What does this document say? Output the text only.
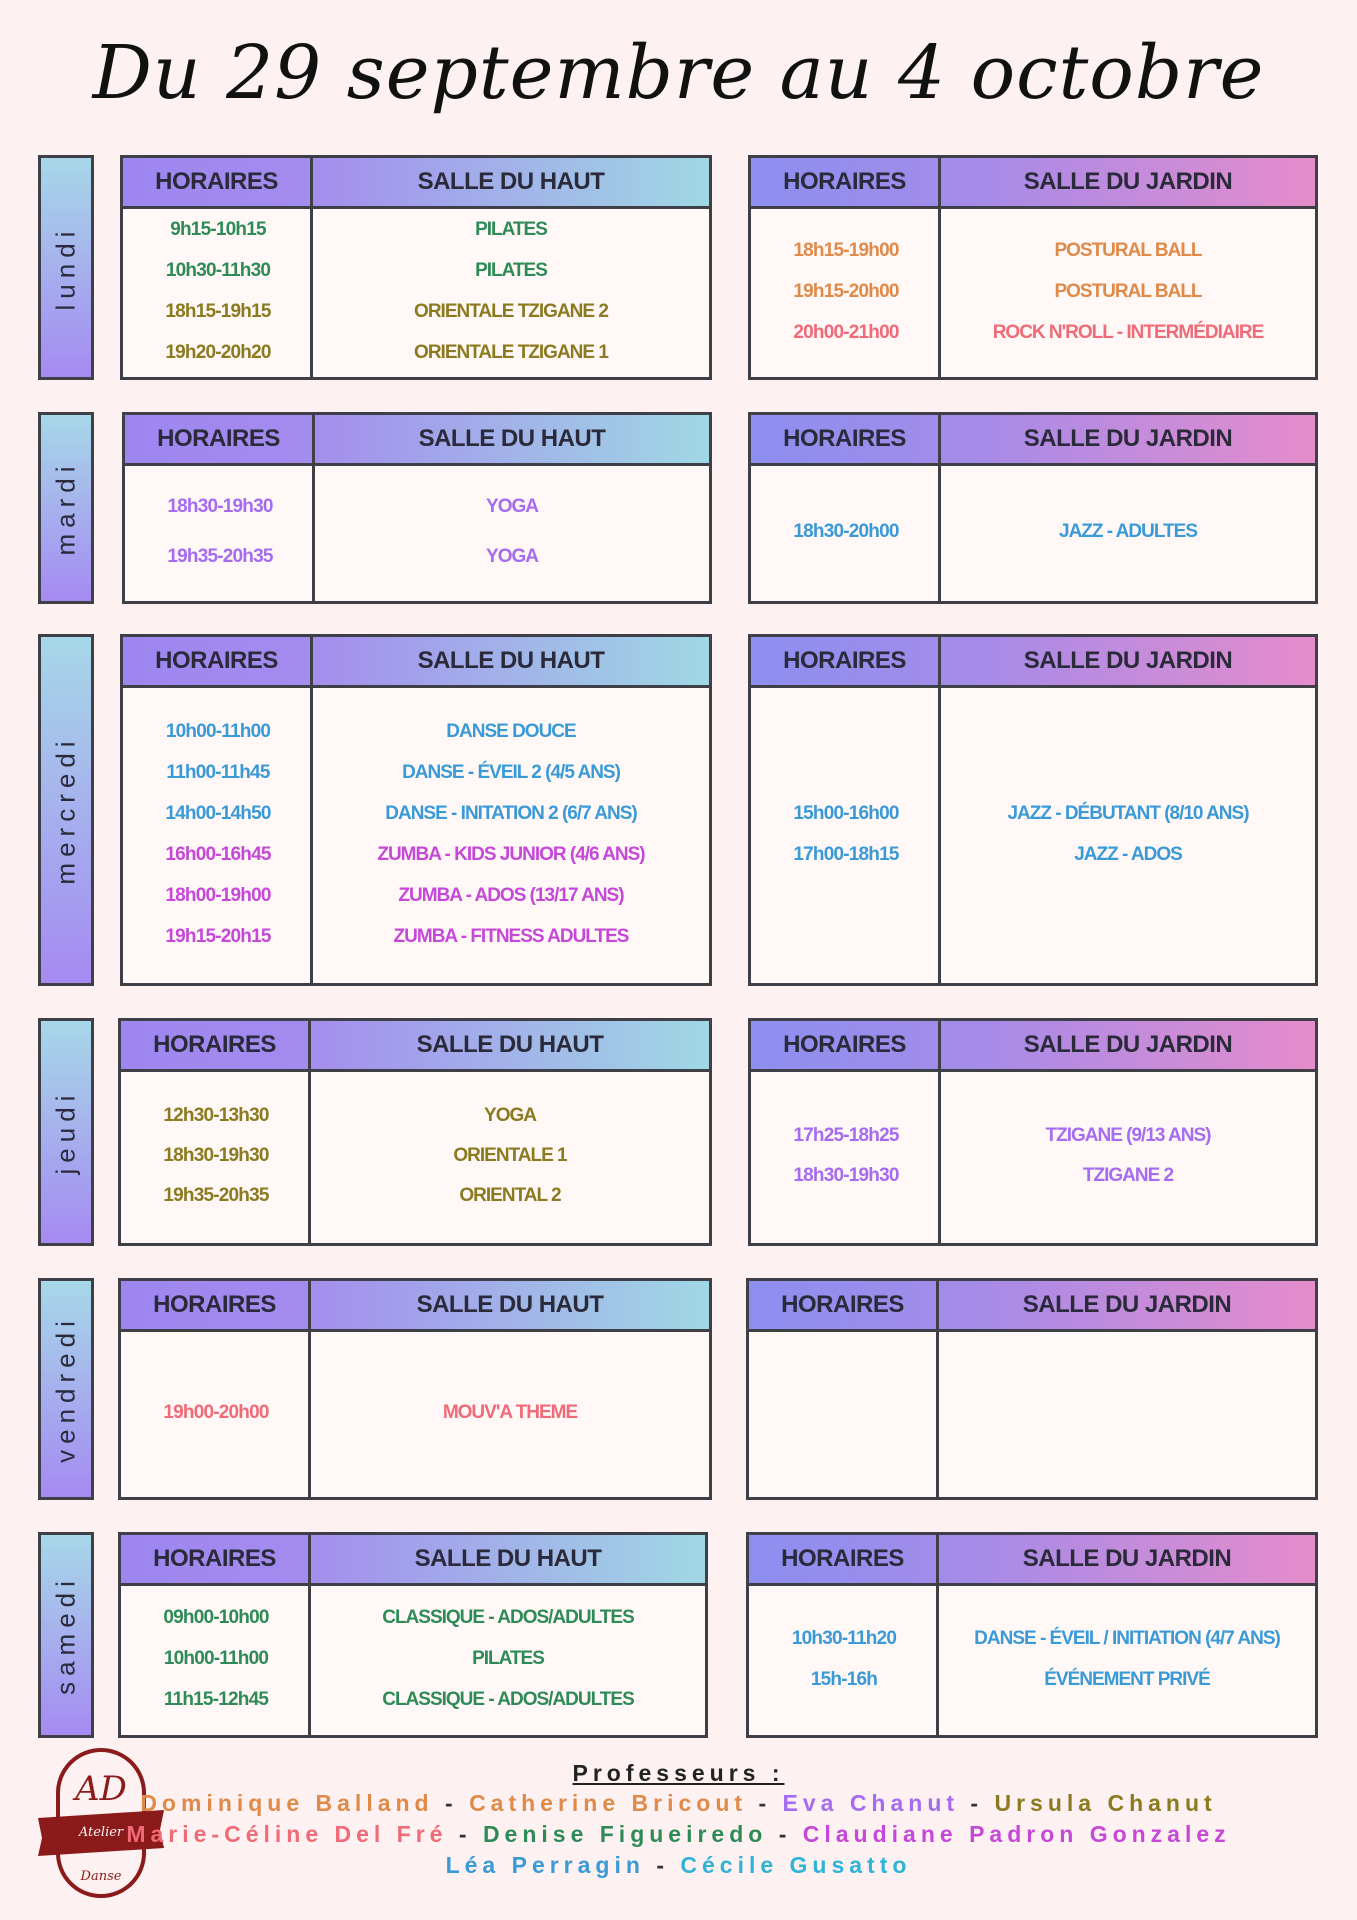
Du 29 septembre au 4 octobre
lundi
HORAIRES	SALLE DU HAUT
9h15-10h15	PILATES
10h30-11h30	PILATES
18h15-19h15	ORIENTALE TZIGANE 2
19h20-20h20	ORIENTALE TZIGANE 1
HORAIRES	SALLE DU JARDIN
18h15-19h00	POSTURAL BALL
19h15-20h00	POSTURAL BALL
20h00-21h00	ROCK N'ROLL - INTERMÉDIAIRE
mardi
HORAIRES	SALLE DU HAUT
18h30-19h30	YOGA
19h35-20h35	YOGA
HORAIRES	SALLE DU JARDIN
18h30-20h00	JAZZ - ADULTES
mercredi
HORAIRES	SALLE DU HAUT
10h00-11h00	DANSE DOUCE
11h00-11h45	DANSE - ÉVEIL 2 (4/5 ANS)
14h00-14h50	DANSE - INITATION 2 (6/7 ANS)
16h00-16h45	ZUMBA - KIDS JUNIOR (4/6 ANS)
18h00-19h00	ZUMBA - ADOS (13/17 ANS)
19h15-20h15	ZUMBA - FITNESS ADULTES
HORAIRES	SALLE DU JARDIN
15h00-16h00	JAZZ - DÉBUTANT (8/10 ANS)
17h00-18h15	JAZZ - ADOS
jeudi
HORAIRES	SALLE DU HAUT
12h30-13h30	YOGA
18h30-19h30	ORIENTALE 1
19h35-20h35	ORIENTAL 2
HORAIRES	SALLE DU JARDIN
17h25-18h25	TZIGANE (9/13 ANS)
18h30-19h30	TZIGANE 2
vendredi
HORAIRES	SALLE DU HAUT
19h00-20h00	MOUV'A THEME
HORAIRES	SALLE DU JARDIN
samedi
HORAIRES	SALLE DU HAUT
09h00-10h00	CLASSIQUE - ADOS/ADULTES
10h00-11h00	PILATES
11h15-12h45	CLASSIQUE - ADOS/ADULTES
HORAIRES	SALLE DU JARDIN
10h30-11h20	DANSE - ÉVEIL / INITIATION (4/7 ANS)
15h-16h	ÉVÉNEMENT PRIVÉ
AD
Atelier
Danse
Professeurs :
Dominique Balland - Catherine Bricout - Eva Chanut - Ursula Chanut
Marie-Céline Del Fré - Denise Figueiredo - Claudiane Padron Gonzalez
Léa Perragin - Cécile Gusatto
